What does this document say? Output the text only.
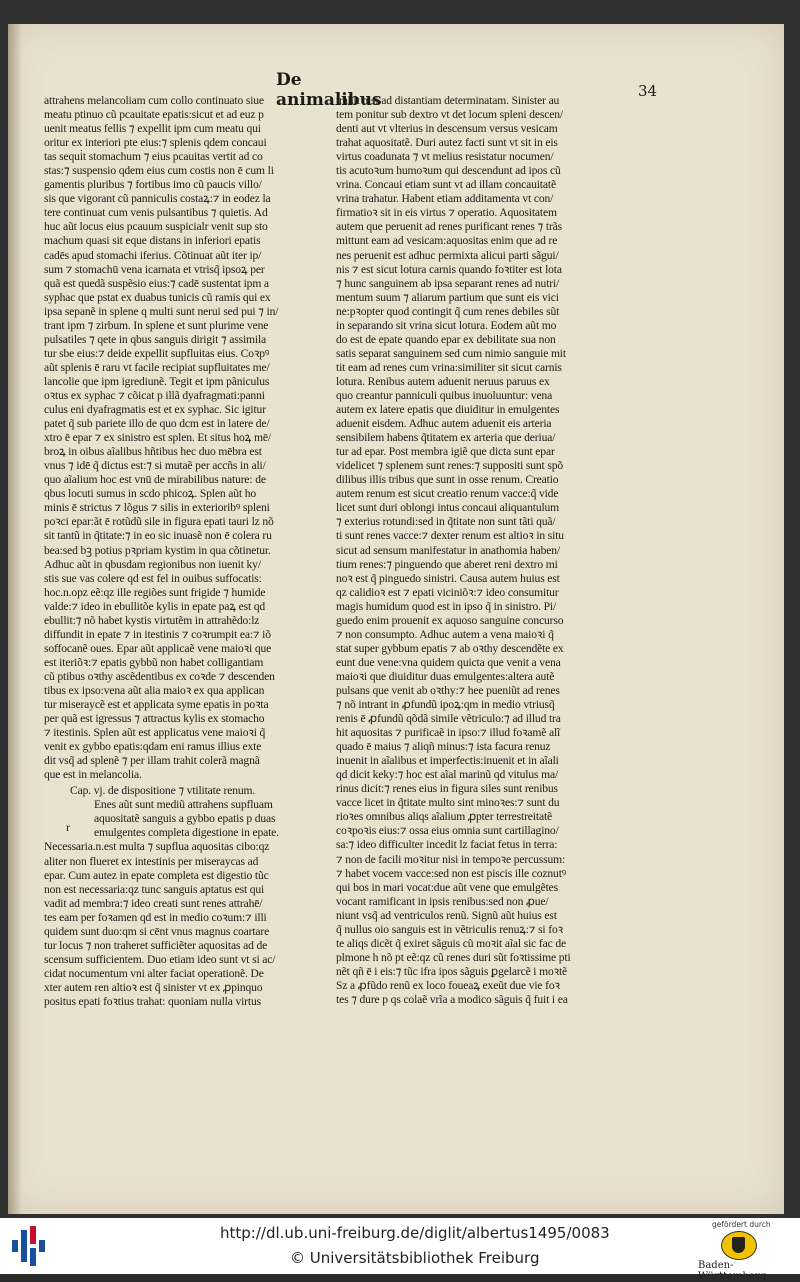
De animalibus	34
attrahens melancoliam cum collo continuato siue
meatu ptinuo cũ pcauitate epatis:sicut et ad euz p
uenit meatus fellis ⁊ expellit ipm cum meatu qui
oritur ex interiori pte eius:⁊ splenis qdem concaui
tas sequi̇t stomachum ⁊ eius pcauitas vertit ad co
stas:⁊ suspensio qdem eius cum costis non ē cum li
gamentis pluribus ⁊ fortibus imo cũ paucis villo/
sis que vigorant cũ panniculis costaꝝ:⁊ in eodez la
tere continuat cum venis pulsantibus ⁊ quietis. Ad
huc aũt locus eius pcauum suspicialr venit sup sto
machum quasi sit eque distans in inferiori epatis
cadēs apud stomachi iferius. Cõtinuat aũt iter ip/
sum ⁊ stomachū vena icarnata et vtrisq̃ ipsoꝝ per
quã est quedã suspẽsio eius:⁊ cadē sustentat ipm a
syphac que pstat ex duabus tunicis cũ ramis qui ex
ipsa sepanẽ in splene q multi sunt nerui sed pui ⁊ in/
trant ipm ⁊ zirbum. In splene et sunt plurime vene
pulsatiles ⁊ qete in qbus sanguis dirigit ⁊ assimila
tur sbe eius:⁊ deide expellit supfluitas eius. Coꝛpꝰ
aũt splenis ē raru vt facile recipiat supfluitates me/
lancolie que ipm igrediunẽ. Tegit et ipm pãniculus
oꝛtus ex syphac ⁊ cõicat p illã dyafragmati:panni
culus eni dyafragmatis est et ex syphac. Sic igitur
patet q̃ sub pariete illo de quo dcm est in latere de/
xtro ē epar ⁊ ex sinistro est splen. Et situs hoꝝ mē/
broꝝ in oibus aĩalibus hñtibus hec duo mēbra est
vnus ⁊ idē q̃ dictus est:⁊ si mutaẽ per accñs in ali/
quo aĩalium hoc est vnū de mirabilibus nature: de
qbus locuti sumus in scdo phicoꝝ. Splen aũt ho
minis ē strictus ⁊ lõgus ⁊ silis in exterioribꝰ spleni
poꝛci epar:ãt ē rotũdũ sile in figura epati tauri lz nõ
sit tantũ in q̃titate:⁊ in eo sic inuasẽ non ē colera ru
bea:sed bꝫ potius pꝛpriam kystim in qua cõtinetur.
Adhuc aũt in qbusdam regionibus non iuenit ky/
stis sue vas colere qd est fel in ouibus suffocatis:
hoc.n.opz eẽ:qz ille regiões sunt frigide ⁊ humide
valde:⁊ ideo in ebullitõe kylis in epate paꝝ est qd
ebullit:⁊ nõ habet kystis virtutẽm in attrahẽdo:lz
diffundit in epate ⁊ in itestinis ⁊ coꝛrumpit ea:⁊ iõ
soffocanẽ oues. Epar aũt applicaẽ vene maioꝛi que
est iteriõꝛ:⁊ epatis gybbũ non habet colligantiam
cũ ptibus oꝛthy ascẽdentibus ex coꝛde ⁊ descenden
tibus ex ipso:vena aũt alia maioꝛ ex qua applican
tur miseraycẽ est et applicata syme epatis in poꝛta
per quã est igressus ⁊ attractus kylis ex stomacho
⁊ itestinis. Splen aũt est applicatus vene maioꝛi q̃
venit ex gybbo epatis:qdam eni ramus illius exte
dit vsq̃ ad splenẽ ⁊ per illam trahit colerã magnã
que est in melancolia.
Cap. vj. de dispositione ⁊ vtilitate renum.
Enes aũt sunt mediũ attrahens supfluam
aquositatẽ sanguis a gybbo epatis p duas
emulgentes completa digestione in epate.
Necessaria.n.est multa ⁊ supflua aquositas cibo:qz
aliter non flueret ex intestinis per miseraycas ad
epar. Cum autez in epate completa est digestio tũc
non est necessaria:qz tunc sanguis aptatus est qui
vadit ad membra:⁊ ideo creati sunt renes attrahē/
tes eam per foꝛamen qd est in medio coꝛum:⁊ illi
quidem sunt duo:qm si cēnt vnus magnus coartare
tur locus ⁊ non traheret sufficiẽter aquositas ad de
scensum sufficientem. Duo etiam ideo sunt vt si ac/
cidat nocumentum vni alter faciat operationẽ. De
xter autem ren altioꝛ est q̃ sinister vt ex ꝓpinquo
positus epati foꝛtius trahat: quoniam nulla virtus
trahit nisi ad distantiam determinatam. Sinister au
tem ponitur sub dextro vt det locum spleni descen/
denti aut vt vlterius in descensum versus vesicam
trahat aquositatẽ. Duri autez facti sunt vt sit in eis
virtus coadunata ⁊ vt melius resistatur nocumen/
tis acutoꝛum humoꝛum qui descendunt ad ipos cũ
vrina. Concaui etiam sunt vt ad illam concauitatẽ
vrina trahatur. Habent etiam additamenta vt con/
firmatioꝛ sit in eis virtus ⁊ operatio. Aquositatem
autem que peruenit ad renes purificant renes ⁊ trãs
mittunt eam ad vesicam:aquositas enim que ad re
nes peruenit est adhuc permixta alicui parti sãgui/
nis ⁊ est sicut lotura carnis quando foꝛtiter est lota
⁊ hunc sanguinem ab ipsa separant renes ad nutri/
mentum suum ⁊ aliarum partium que sunt eis vici
ne:pꝛopter quod contingit q̃ cum renes debiles sũt
in separando sit vrina sicut lotura. Eodem aũt mo
do est de epate quando epar ex debilitate sua non
satis separat sanguinem sed cum nimio sanguie mit
tit eam ad renes cum vrina:similiter sit sicut carnis
lotura. Renibus autem aduenit neruus paruus ex
quo creantur panniculi quibus inuoluuntur: vena
autem ex latere epatis que diuiditur in emulgentes
aduenit eisdem. Adhuc autem aduenit eis arteria
sensibilem habens q̃titatem ex arteria que deriua/
tur ad epar. Post membra igiẽ que dicta sunt epar
videlicet ⁊ splenem sunt renes:⁊ suppositi sunt spõ
dilibus illis tribus que sunt in osse renum. Creatio
autem renum est sicut creatio renum vacce:q̃ vide
licet sunt duri oblongi intus concaui aliquantulum
⁊ exterius rotundi:sed in q̃titate non sunt tãti quã/
ti sunt renes vacce:⁊ dexter renum est altioꝛ in situ
sicut ad sensum manifestatur in anathomia haben/
tium renes:⁊ pinguendo que aberet reni dextro mi
noꝛ est q̃ pinguedo sinistri. Causa autem huius est
qz calidioꝛ est ⁊ epati viciniõꝛ:⁊ ideo consumitur
magis humidum quod est in ipso q̃ in sinistro. Pi/
guedo enim prouenit ex aquoso sanguine concurso
⁊ non consumpto. Adhuc autem a vena maioꝛi q̃
stat super gybbum epatis ⁊ ab oꝛthy descendẽte ex
eunt due vene:vna quidem quicta que venit a vena
maioꝛi que diuiditur duas emulgentes:altera autẽ
pulsans que venit ab oꝛthy:⁊ hee pueniũt ad renes
⁊ nõ intrant in ꝓfundũ ipoꝝ:qm in medio vtriusq̃
renis ē ꝓfundũ qõdã simile vẽtriculo:⁊ ad illud tra
hit aquositas ⁊ purificaẽ in ipso:⁊ illud foꝛamẽ alĩ
quado ē maius ⁊ aliqñ minus:⁊ ista facura renuz
inuenit in aĩalibus et imperfectis:inuenit et in aĩali
qd dicit keky:⁊ hoc est aĩal marinũ qd vitulus ma/
rinus dicit:⁊ renes eius in figura siles sunt renibus
vacce licet in q̃titate multo sint minoꝛes:⁊ sunt du
rioꝛes omnibus aliqs aĩalium ꝓpter terrestreitatẽ
coꝛpoꝛis eius:⁊ ossa eius omnia sunt cartillagino/
sa:⁊ ideo difficulter incedit lz faciat fetus in terra:
⁊ non de facili moꝛitur nisi in tempoꝛe percussum:
⁊ habet vocem vacce:sed non est piscis ille coznutꝰ
qui bos in mari vocat:due aũt vene que emulgẽtes
vocant ramificant in ipsis renibus:sed non ꝓue/
niunt vsq̃ ad ventriculos renũ. Signũ aũt huius est
q̃ nullus oio sanguis est in vẽtriculis renuꝝ:⁊ si foꝛ
te aliqs dicẽt q̃ exiret sãguis cũ moꝛit aĩal sic fac de
plmone h nõ pt eẽ:qz cũ renes duri sũt foꝛtissime pti
nẽt qñ ē i eis:⁊ tũc ifra ipos sãguis ꝑgelarcẽ i moꝛtẽ
Sz a ꝓfũdo renũ ex loco foueaꝝ exeũt due vie foꝛ
tes ⁊ dure p qs colaẽ vrĩa a modico sãguis q̃ fuit i ea
r
http://dl.ub.uni-freiburg.de/diglit/albertus1495/0083
© Universitätsbibliothek Freiburg
gefördert durch
Baden-Württemberg
